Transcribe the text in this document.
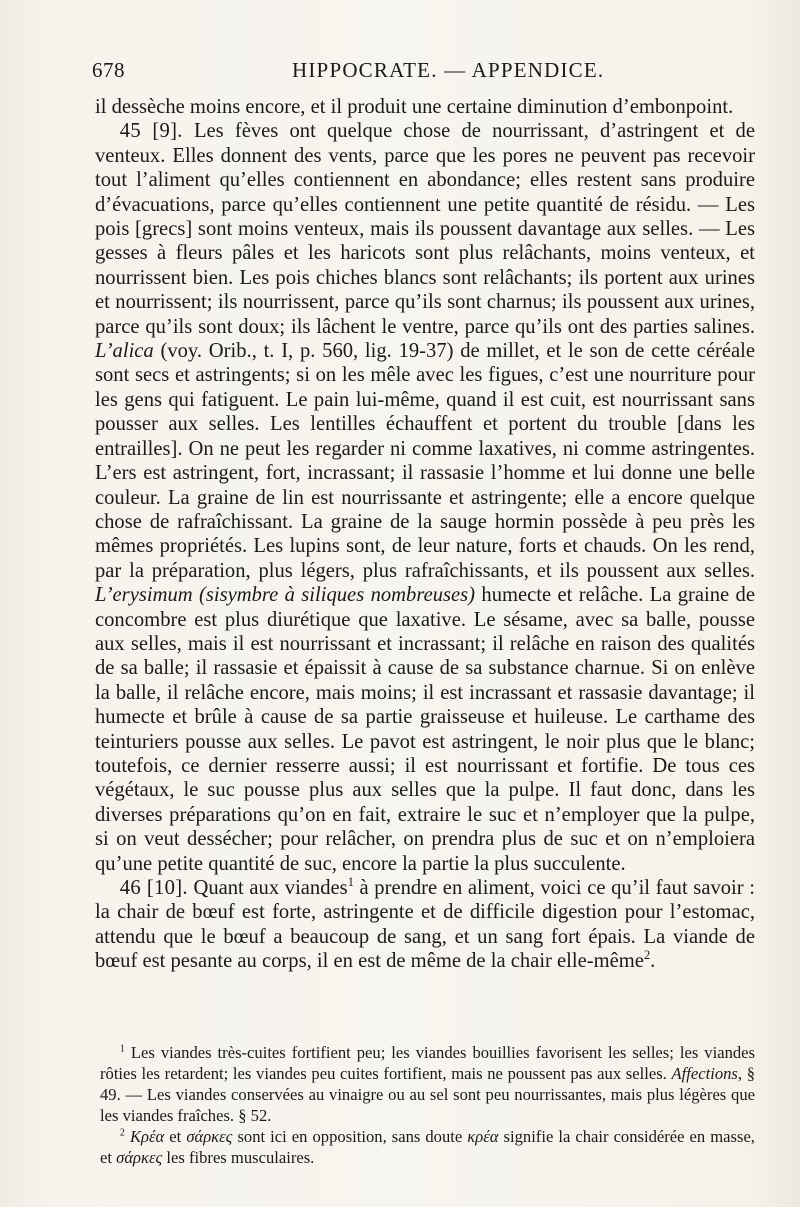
678	HIPPOCRATE. — APPENDICE.

il dessèche moins encore, et il produit une certaine diminution d’embonpoint.

45 [9]. Les fèves ont quelque chose de nourrissant, d’astringent et de venteux. Elles donnent des vents, parce que les pores ne peuvent pas recevoir tout l’aliment qu’elles contiennent en abondance; elles restent sans produire d’évacuations, parce qu’elles contiennent une petite quantité de résidu. — Les pois [grecs] sont moins venteux, mais ils poussent davantage aux selles. — Les gesses à fleurs pâles et les haricots sont plus relâchants, moins venteux, et nourrissent bien. Les pois chiches blancs sont relâchants; ils portent aux urines et nourrissent; ils nourrissent, parce qu’ils sont charnus; ils poussent aux urines, parce qu’ils sont doux; ils lâchent le ventre, parce qu’ils ont des parties salines. L’alica (voy. Orib., t. I, p. 560, lig. 19-37) de millet, et le son de cette céréale sont secs et astringents; si on les mêle avec les figues, c’est une nourriture pour les gens qui fatiguent. Le pain lui-même, quand il est cuit, est nourrissant sans pousser aux selles. Les lentilles échauffent et portent du trouble [dans les entrailles]. On ne peut les regarder ni comme laxatives, ni comme astringentes. L’ers est astringent, fort, incrassant; il rassasie l’homme et lui donne une belle couleur. La graine de lin est nourrissante et astringente; elle a encore quelque chose de rafraîchissant. La graine de la sauge hormin possède à peu près les mêmes propriétés. Les lupins sont, de leur nature, forts et chauds. On les rend, par la préparation, plus légers, plus rafraîchissants, et ils poussent aux selles. L’erysimum (sisymbre à siliques nombreuses) humecte et relâche. La graine de concombre est plus diurétique que laxative. Le sésame, avec sa balle, pousse aux selles, mais il est nourrissant et incrassant; il relâche en raison des qualités de sa balle; il rassasie et épaissit à cause de sa substance charnue. Si on enlève la balle, il relâche encore, mais moins; il est incrassant et rassasie davantage; il humecte et brûle à cause de sa partie graisseuse et huileuse. Le carthame des teinturiers pousse aux selles. Le pavot est astringent, le noir plus que le blanc; toutefois, ce dernier resserre aussi; il est nourrissant et fortifie. De tous ces végétaux, le suc pousse plus aux selles que la pulpe. Il faut donc, dans les diverses préparations qu’on en fait, extraire le suc et n’employer que la pulpe, si on veut dessécher; pour relâcher, on prendra plus de suc et on n’emploiera qu’une petite quantité de suc, encore la partie la plus succulente.

46 [10]. Quant aux viandes$^1$ à prendre en aliment, voici ce qu’il faut savoir : la chair de bœuf est forte, astringente et de difficile digestion pour l’estomac, attendu que le bœuf a beaucoup de sang, et un sang fort épais. La viande de bœuf est pesante au corps, il en est de même de la chair elle-même$^2$.

$^1$ Les viandes très-cuites fortifient peu; les viandes bouillies favorisent les selles; les viandes rôties les retardent; les viandes peu cuites fortifient, mais ne poussent pas aux selles. Affections, § 49. — Les viandes conservées au vinaigre ou au sel sont peu nourrissantes, mais plus légères que les viandes fraîches. § 52.

$^2$ Κρέα et σάρκες sont ici en opposition, sans doute κρέα signifie la chair considérée en masse, et σάρκες les fibres musculaires.
